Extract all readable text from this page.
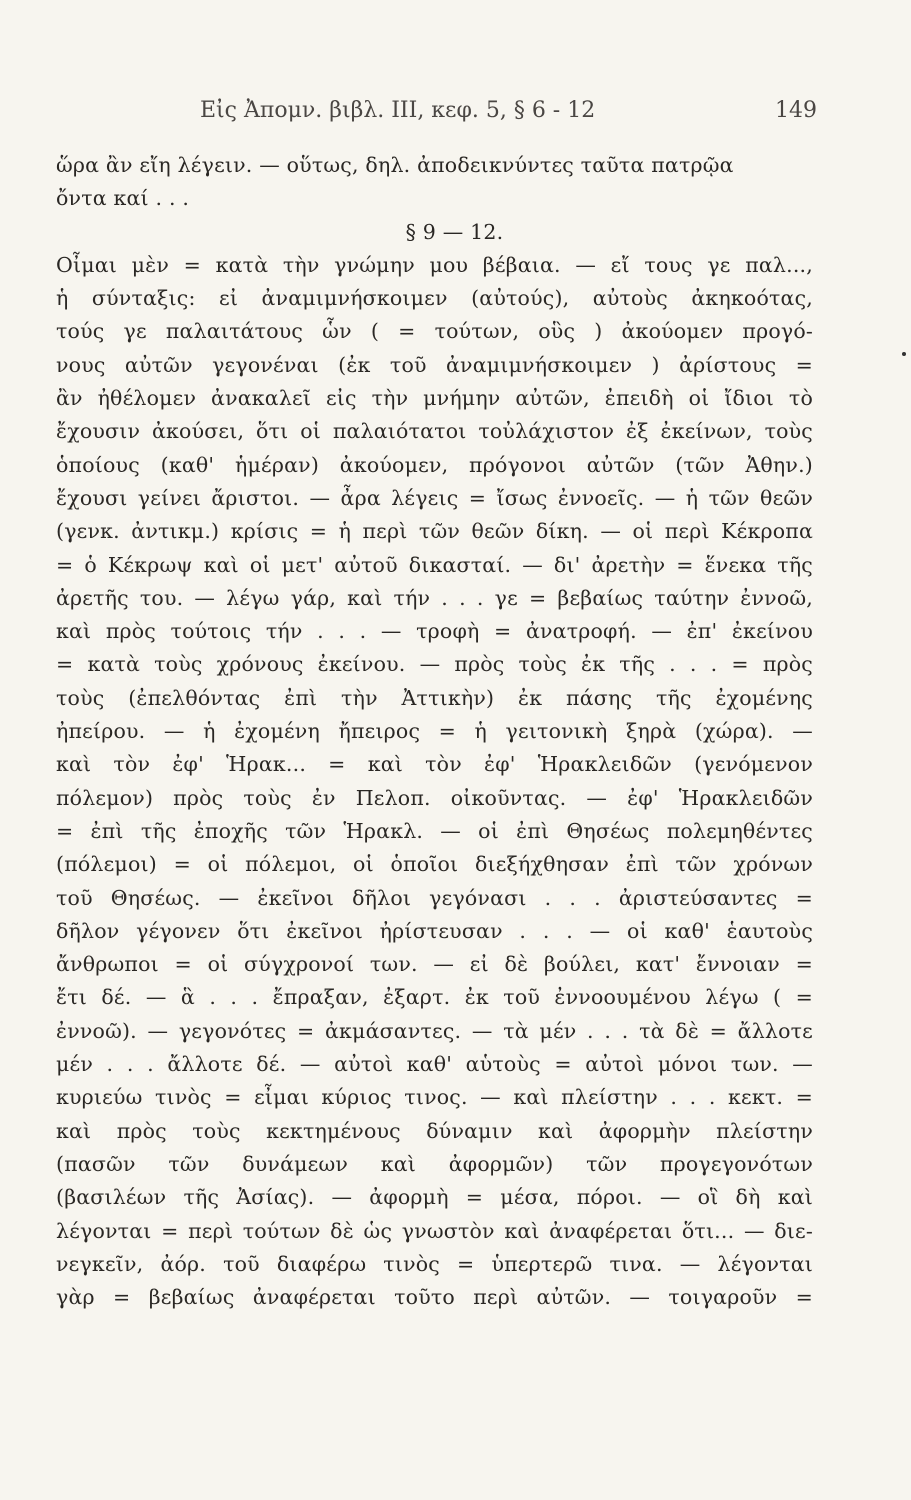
Εἰς Ἀπομν. βιβλ. III, κεφ. 5, § 6 - 12	149
ὥρα ἂν εἴη λέγειν. — οὕτως, δηλ. ἀποδεικνύντες ταῦτα πατρῷα
ὄντα καί . . .
§ 9 — 12.
Οἶμαι μὲν = κατὰ τὴν γνώμην μου βέβαια. — εἴ τους γε παλ...,
ἡ σύνταξις: εἰ ἀναμιμνήσκοιμεν (αὐτούς), αὐτοὺς ἀκηκοότας,
τούς γε παλαιτάτους ὧν ( = τούτων, οὓς ) ἀκούομεν προγό-
νους αὐτῶν γεγονέναι (ἐκ τοῦ ἀναμιμνήσκοιμεν ) ἀρίστους =
ἂν ἠθέλομεν ἀνακαλεῖ εἰς τὴν μνήμην αὐτῶν, ἐπειδὴ οἱ ἴδιοι τὸ
ἔχουσιν ἀκούσει, ὅτι οἱ παλαιότατοι τοὐλάχιστον ἐξ ἐκείνων, τοὺς
ὁποίους (καθ' ἡμέραν) ἀκούομεν, πρόγονοι αὐτῶν (τῶν Ἀθην.)
ἔχουσι γείνει ἄριστοι. — ἆρα λέγεις = ἴσως ἐννοεῖς. — ἡ τῶν θεῶν
(γενκ. ἀντικμ.) κρίσις = ἡ περὶ τῶν θεῶν δίκη. — οἱ περὶ Κέκροπα
= ὁ Κέκρωψ καὶ οἱ μετ' αὐτοῦ δικασταί. — δι' ἀρετὴν = ἕνεκα τῆς
ἀρετῆς του. — λέγω γάρ, καὶ τήν . . . γε = βεβαίως ταύτην ἐννοῶ,
καὶ πρὸς τούτοις τήν . . . — τροφὴ = ἀνατροφή. — ἐπ' ἐκείνου
= κατὰ τοὺς χρόνους ἐκείνου. — πρὸς τοὺς ἐκ τῆς . . . = πρὸς
τοὺς (ἐπελθόντας ἐπὶ τὴν Ἀττικὴν) ἐκ πάσης τῆς ἐχομένης
ἠπείρου. — ἡ ἐχομένη ἤπειρος = ἡ γειτονικὴ ξηρὰ (χώρα). —
καὶ τὸν ἐφ' Ἡρακ... = καὶ τὸν ἐφ' Ἡρακλειδῶν (γενόμενον
πόλεμον) πρὸς τοὺς ἐν Πελοπ. οἰκοῦντας. — ἐφ' Ἡρακλειδῶν
= ἐπὶ τῆς ἐποχῆς τῶν Ἡρακλ. — οἱ ἐπὶ Θησέως πολεμηθέντες
(πόλεμοι) = οἱ πόλεμοι, οἱ ὁποῖοι διεξήχθησαν ἐπὶ τῶν χρόνων
τοῦ Θησέως. — ἐκεῖνοι δῆλοι γεγόνασι . . . ἀριστεύσαντες =
δῆλον γέγονεν ὅτι ἐκεῖνοι ἠρίστευσαν . . . — οἱ καθ' ἑαυτοὺς
ἄνθρωποι = οἱ σύγχρονοί των. — εἰ δὲ βούλει, κατ' ἔννοιαν =
ἔτι δέ. — ἃ . . . ἔπραξαν, ἐξαρτ. ἐκ τοῦ ἐννοουμένου λέγω ( =
ἐννοῶ). — γεγονότες = ἀκμάσαντες. — τὰ μέν . . . τὰ δὲ = ἄλλοτε
μέν . . . ἄλλοτε δέ. — αὐτοὶ καθ' αὑτοὺς = αὐτοὶ μόνοι των. —
κυριεύω τινὸς = εἶμαι κύριος τινος. — καὶ πλείστην . . . κεκτ. =
καὶ πρὸς τοὺς κεκτημένους δύναμιν καὶ ἀφορμὴν πλείστην
(πασῶν τῶν δυνάμεων καὶ ἀφορμῶν) τῶν προγεγονότων
(βασιλέων τῆς Ἀσίας). — ἀφορμὴ = μέσα, πόροι. — οἳ δὴ καὶ
λέγονται = περὶ τούτων δὲ ὡς γνωστὸν καὶ ἀναφέρεται ὅτι... — διε-
νεγκεῖν, ἀόρ. τοῦ διαφέρω τινὸς = ὑπερτερῶ τινα. — λέγονται
γὰρ = βεβαίως ἀναφέρεται τοῦτο περὶ αὐτῶν. — τοιγαροῦν =
